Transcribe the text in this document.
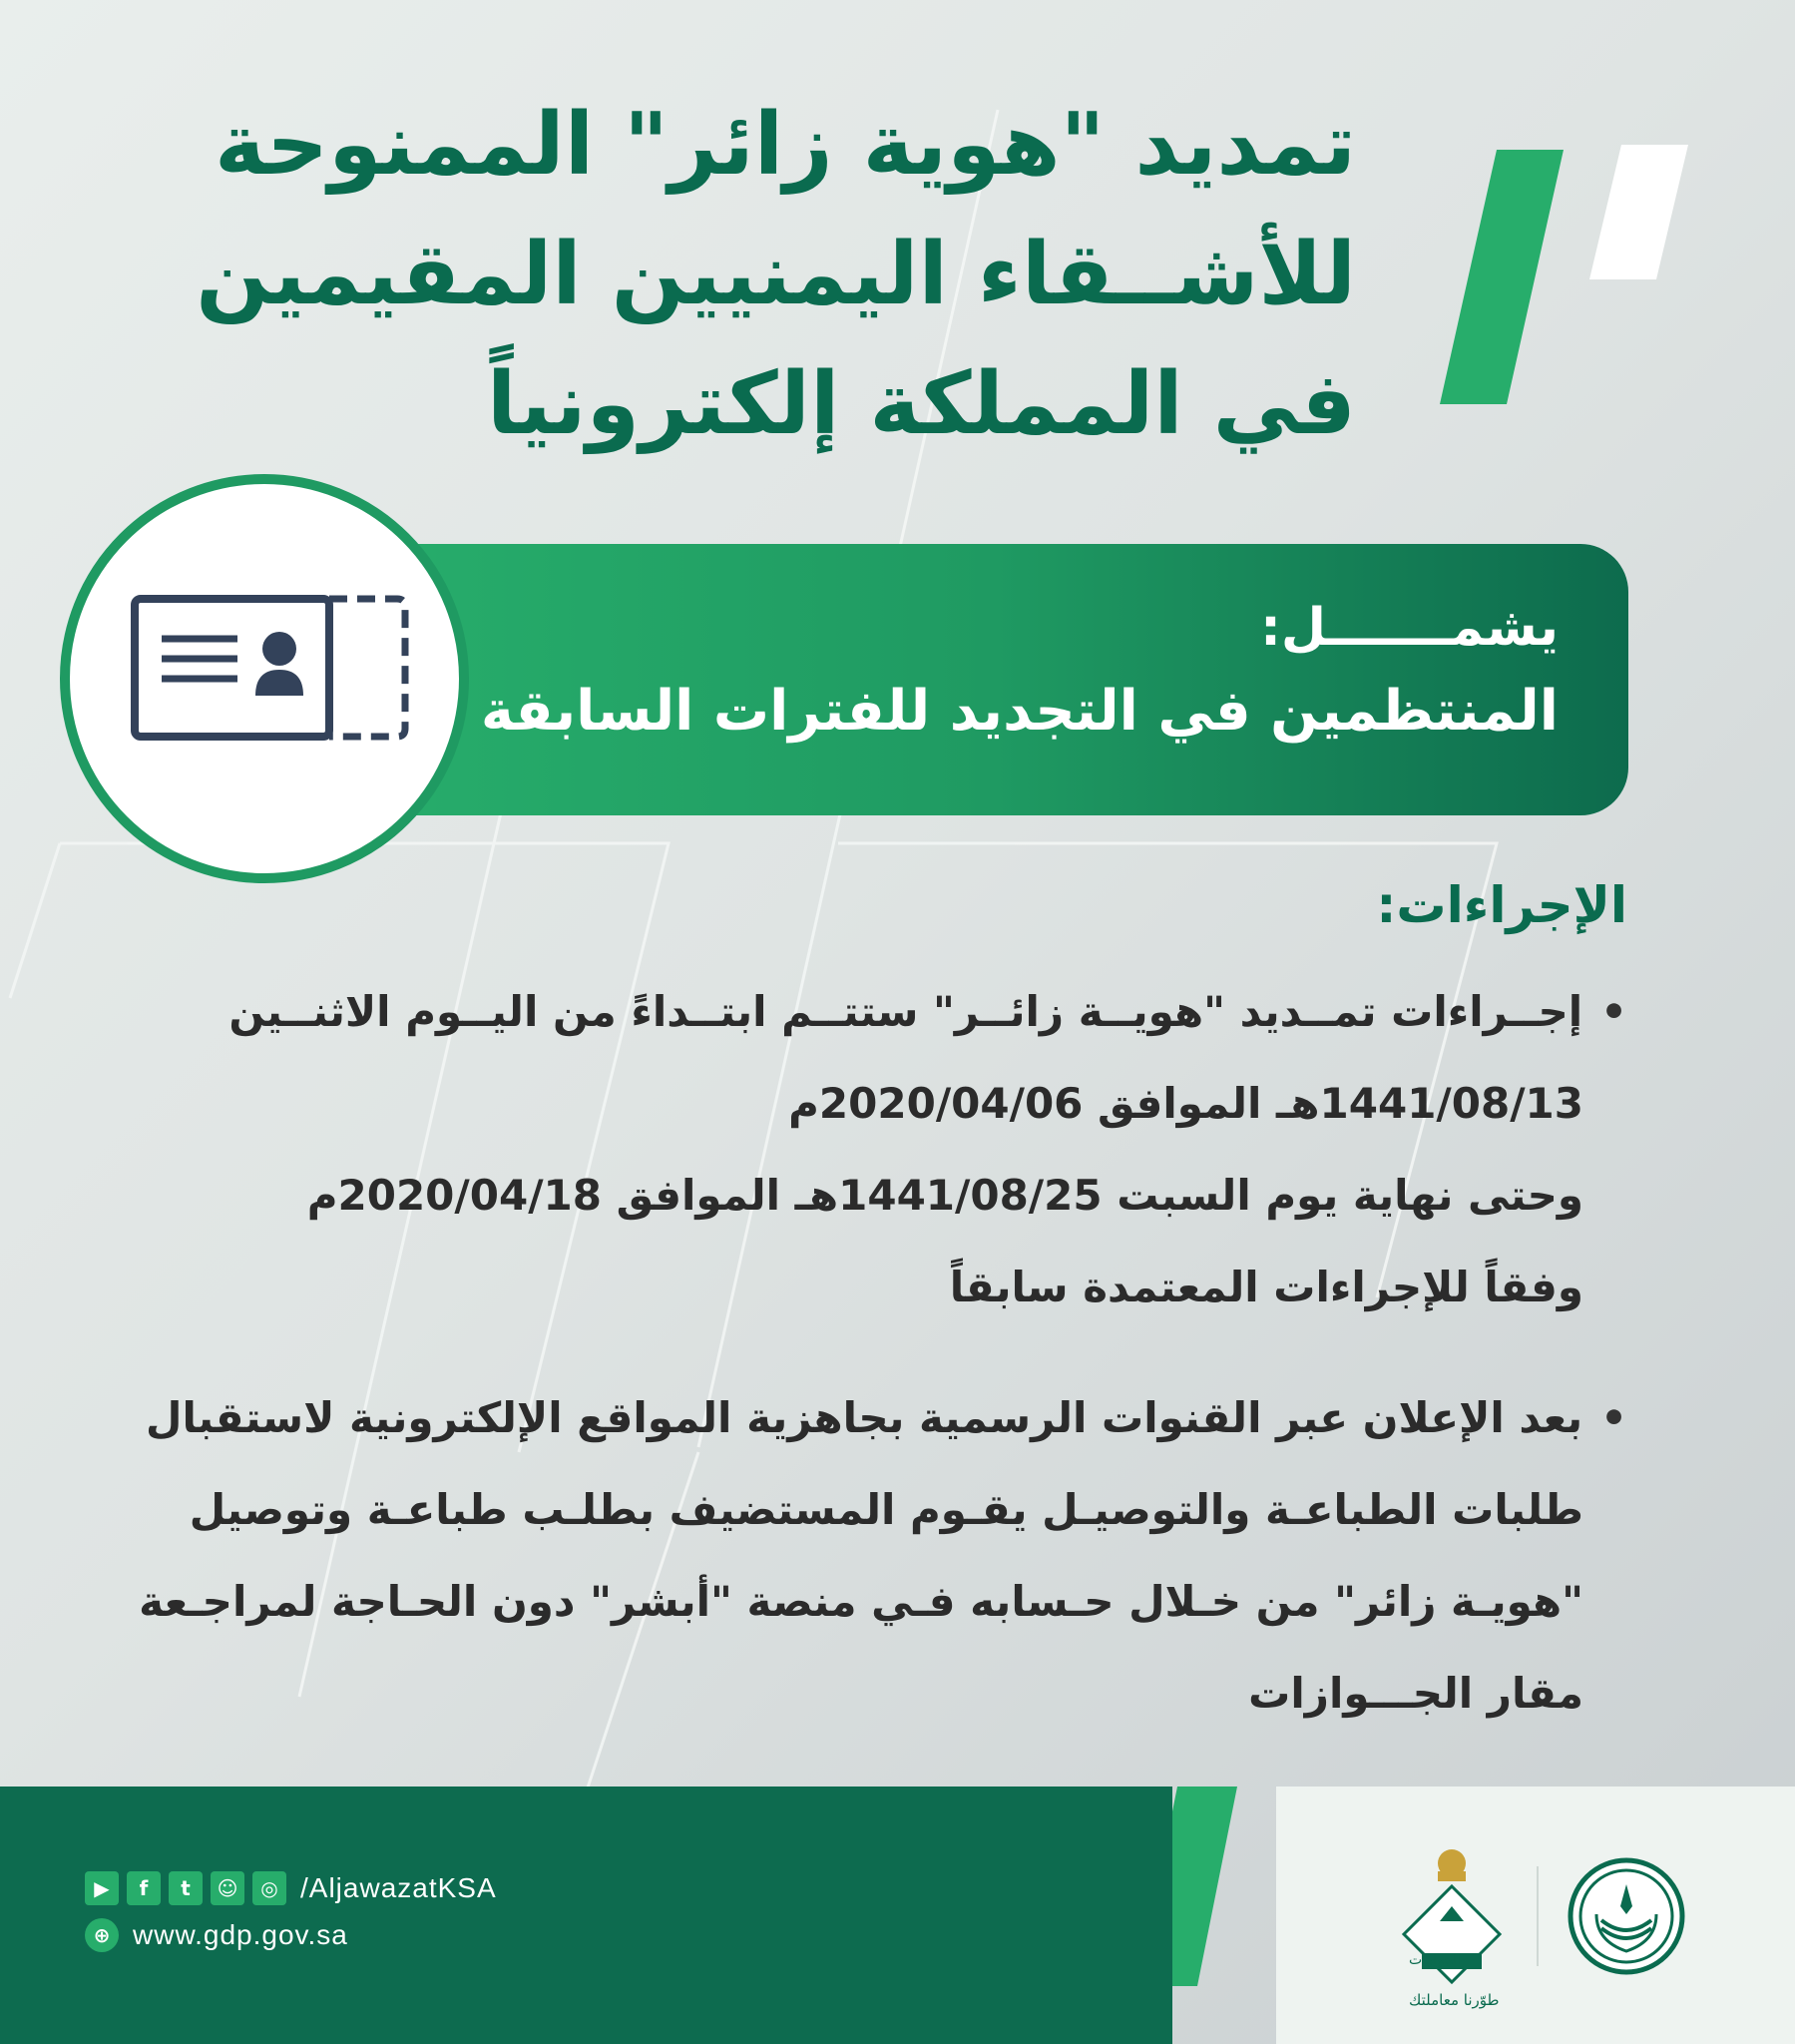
تمديد "هوية زائر" الممنوحة
للأشــقاء اليمنيين المقيمين
في المملكة إلكترونياً
يشمـــــــل:
المنتظمين في التجديد للفترات السابقة
الإجراءات:
• إجــراءات تمــديد "هويــة زائــر" ستتــم ابتــداءً من اليــوم الاثنــين
1441/08/13هـ الموافق 2020/04/06م
وحتى نهاية يوم السبت 1441/08/25هـ الموافق 2020/04/18م
وفقاً للإجراءات المعتمدة سابقاً
• بعد الإعلان عبر القنوات الرسمية بجاهزية المواقع الإلكترونية لاستقبال
طلبات الطباعـة والتوصيـل يقـوم المستضيف بطلـب طباعـة وتوصيل
"هويـة زائر" من خـلال حـسابه فـي منصة "أبشر" دون الحـاجة لمراجـعة
مقار الجـــوازات
▶	f	t	☺	◎ /AljawazatKSA
⊕ www.gdp.gov.sa
الجوازات
طوّرنا معاملتك
